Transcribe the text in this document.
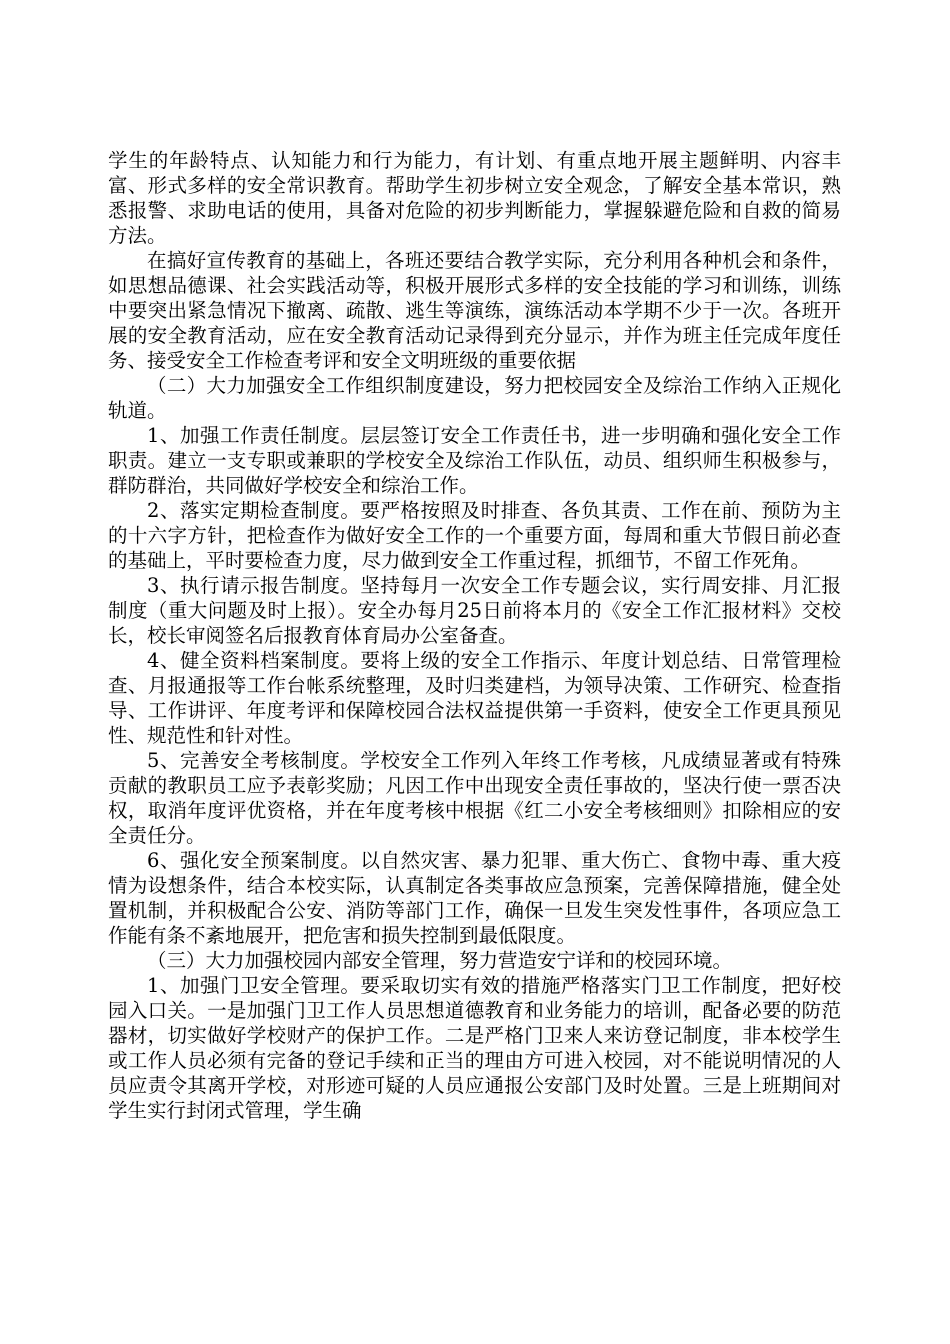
学生的年龄特点、认知能力和行为能力，有计划、有重点地开展主题鲜明、内容丰富、形式多样的安全常识教育。帮助学生初步树立安全观念，了解安全基本常识，熟悉报警、求助电话的使用，具备对危险的初步判断能力，掌握躲避危险和自救的简易方法。

在搞好宣传教育的基础上，各班还要结合教学实际，充分利用各种机会和条件，如思想品德课、社会实践活动等，积极开展形式多样的安全技能的学习和训练，训练中要突出紧急情况下撤离、疏散、逃生等演练，演练活动本学期不少于一次。各班开展的安全教育活动，应在安全教育活动记录得到充分显示，并作为班主任完成年度任务、接受安全工作检查考评和安全文明班级的重要依据

（二）大力加强安全工作组织制度建设，努力把校园安全及综治工作纳入正规化轨道。

1、加强工作责任制度。层层签订安全工作责任书，进一步明确和强化安全工作职责。建立一支专职或兼职的学校安全及综治工作队伍，动员、组织师生积极参与，群防群治，共同做好学校安全和综治工作。

2、落实定期检查制度。要严格按照及时排查、各负其责、工作在前、预防为主的十六字方针，把检查作为做好安全工作的一个重要方面，每周和重大节假日前必查的基础上，平时要检查力度，尽力做到安全工作重过程，抓细节，不留工作死角。

3、执行请示报告制度。坚持每月一次安全工作专题会议，实行周安排、月汇报制度（重大问题及时上报）。安全办每月25日前将本月的《安全工作汇报材料》交校长，校长审阅签名后报教育体育局办公室备查。

4、健全资料档案制度。要将上级的安全工作指示、年度计划总结、日常管理检查、月报通报等工作台帐系统整理，及时归类建档，为领导决策、工作研究、检查指导、工作讲评、年度考评和保障校园合法权益提供第一手资料，使安全工作更具预见性、规范性和针对性。

5、完善安全考核制度。学校安全工作列入年终工作考核，凡成绩显著或有特殊贡献的教职员工应予表彰奖励；凡因工作中出现安全责任事故的，坚决行使一票否决权，取消年度评优资格，并在年度考核中根据《红二小安全考核细则》扣除相应的安全责任分。

6、强化安全预案制度。以自然灾害、暴力犯罪、重大伤亡、食物中毒、重大疫情为设想条件，结合本校实际，认真制定各类事故应急预案，完善保障措施，健全处置机制，并积极配合公安、消防等部门工作，确保一旦发生突发性事件，各项应急工作能有条不紊地展开，把危害和损失控制到最低限度。

（三）大力加强校园内部安全管理，努力营造安宁详和的校园环境。

1、加强门卫安全管理。要采取切实有效的措施严格落实门卫工作制度，把好校园入口关。一是加强门卫工作人员思想道德教育和业务能力的培训，配备必要的防范器材，切实做好学校财产的保护工作。二是严格门卫来人来访登记制度，非本校学生或工作人员必须有完备的登记手续和正当的理由方可进入校园，对不能说明情况的人员应责令其离开学校，对形迹可疑的人员应通报公安部门及时处置。三是上班期间对学生实行封闭式管理，学生确
